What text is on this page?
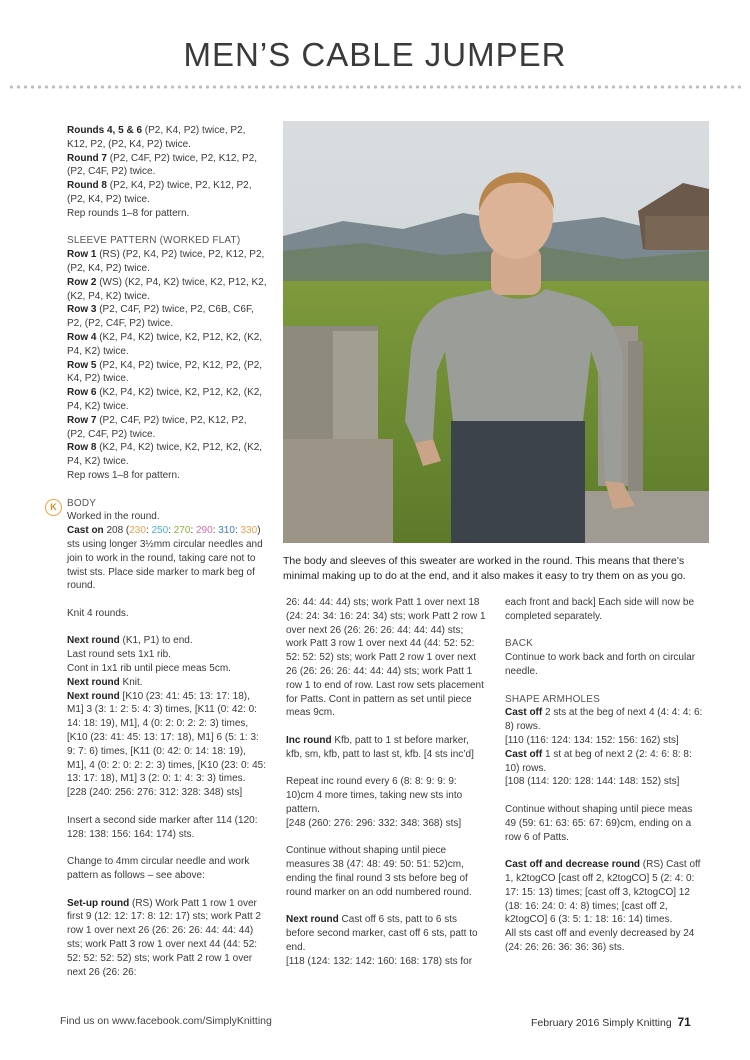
MEN’S CABLE JUMPER

Rounds 4, 5 & 6 (P2, K4, P2) twice, P2, K12, P2, (P2, K4, P2) twice.
Round 7 (P2, C4F, P2) twice, P2, K12, P2, (P2, C4F, P2) twice.
Round 8 (P2, K4, P2) twice, P2, K12, P2, (P2, K4, P2) twice.
Rep rounds 1–8 for pattern.

SLEEVE PATTERN (WORKED FLAT)

Row 1 (RS) (P2, K4, P2) twice, P2, K12, P2, (P2, K4, P2) twice.
Row 2 (WS) (K2, P4, K2) twice, K2, P12, K2, (K2, P4, K2) twice.
Row 3 (P2, C4F, P2) twice, P2, C6B, C6F, P2, (P2, C4F, P2) twice.
Row 4 (K2, P4, K2) twice, K2, P12, K2, (K2, P4, K2) twice.
Row 5 (P2, K4, P2) twice, P2, K12, P2, (P2, K4, P2) twice.
Row 6 (K2, P4, K2) twice, K2, P12, K2, (K2, P4, K2) twice.
Row 7 (P2, C4F, P2) twice, P2, K12, P2, (P2, C4F, P2) twice.
Row 8 (K2, P4, K2) twice, K2, P12, K2, (K2, P4, K2) twice.
Rep rows 1–8 for pattern.

BODY

Worked in the round.
Cast on 208 (230: 250: 270: 290: 310: 330) sts using longer 3½mm circular needles and join to work in the round, taking care not to twist sts. Place side marker to mark beg of round.

Knit 4 rounds.

Next round (K1, P1) to end.
Last round sets 1x1 rib.
Cont in 1x1 rib until piece meas 5cm.
Next round Knit.
Next round [K10 (23: 41: 45: 13: 17: 18), M1] 3 (3: 1: 2: 5: 4: 3) times, [K11 (0: 42: 0: 14: 18: 19), M1], 4 (0: 2: 0: 2: 2: 3) times, [K10 (23: 41: 45: 13: 17: 18), M1] 6 (5: 1: 3: 9: 7: 6) times, [K11 (0: 42: 0: 14: 18: 19), M1], 4 (0: 2: 0: 2: 2: 3) times, [K10 (23: 0: 45: 13: 17: 18), M1] 3 (2: 0: 1: 4: 3: 3) times.
[228 (240: 256: 276: 312: 328: 348) sts]

Insert a second side marker after 114 (120: 128: 138: 156: 164: 174) sts.

Change to 4mm circular needle and work pattern as follows – see above:

Set-up round (RS) Work Patt 1 row 1 over first 9 (12: 12: 17: 8: 12: 17) sts; work Patt 2 row 1 over next 26 (26: 26: 26: 44: 44: 44) sts; work Patt 3 row 1 over next 44 (44: 52: 52: 52: 52: 52) sts; work Patt 2 row 1 over next 26 (26: 26:

K
The body and sleeves of this sweater are worked in the round. This means that there’s minimal making up to do at the end, and it also makes it easy to try them on as you go.

26: 44: 44: 44) sts; work Patt 1 over next 18 (24: 24: 34: 16: 24: 34) sts; work Patt 2 row 1 over next 26 (26: 26: 26: 44: 44: 44) sts; work Patt 3 row 1 over next 44 (44: 52: 52: 52: 52: 52) sts; work Patt 2 row 1 over next 26 (26: 26: 26: 44: 44: 44) sts; work Patt 1 row 1 to end of row. Last row sets placement for Patts. Cont in pattern as set until piece meas 9cm.

Inc round Kfb, patt to 1 st before marker, kfb, sm, kfb, patt to last st, kfb. [4 sts inc’d]

Repeat inc round every 6 (8: 8: 9: 9: 9: 10)cm 4 more times, taking new sts into pattern.
[248 (260: 276: 296: 332: 348: 368) sts]

Continue without shaping until piece measures 38 (47: 48: 49: 50: 51: 52)cm, ending the final round 3 sts before beg of round marker on an odd numbered round.

Next round Cast off 6 sts, patt to 6 sts before second marker, cast off 6 sts, patt to end.
[118 (124: 132: 142: 160: 168: 178) sts for

each front and back] Each side will now be completed separately.

BACK

Continue to work back and forth on circular needle.

SHAPE ARMHOLES

Cast off 2 sts at the beg of next 4 (4: 4: 4: 6: 8) rows.
[110 (116: 124: 134: 152: 156: 162) sts]
Cast off 1 st at beg of next 2 (2: 4: 6: 8: 8: 10) rows.
[108 (114: 120: 128: 144: 148: 152) sts]

Continue without shaping until piece meas 49 (59: 61: 63: 65: 67: 69)cm, ending on a row 6 of Patts.

Cast off and decrease round (RS) Cast off 1, k2togCO [cast off 2, k2togCO] 5 (2: 4: 0: 17: 15: 13) times; [cast off 3, k2togCO] 12 (18: 16: 24: 0: 4: 8) times; [cast off 2, k2togCO] 6 (3: 5: 1: 18: 16: 14) times.
All sts cast off and evenly decreased by 24 (24: 26: 26: 36: 36: 36) sts.

Find us on www.facebook.com/SimplyKnitting	February 2016 Simply Knitting 71
